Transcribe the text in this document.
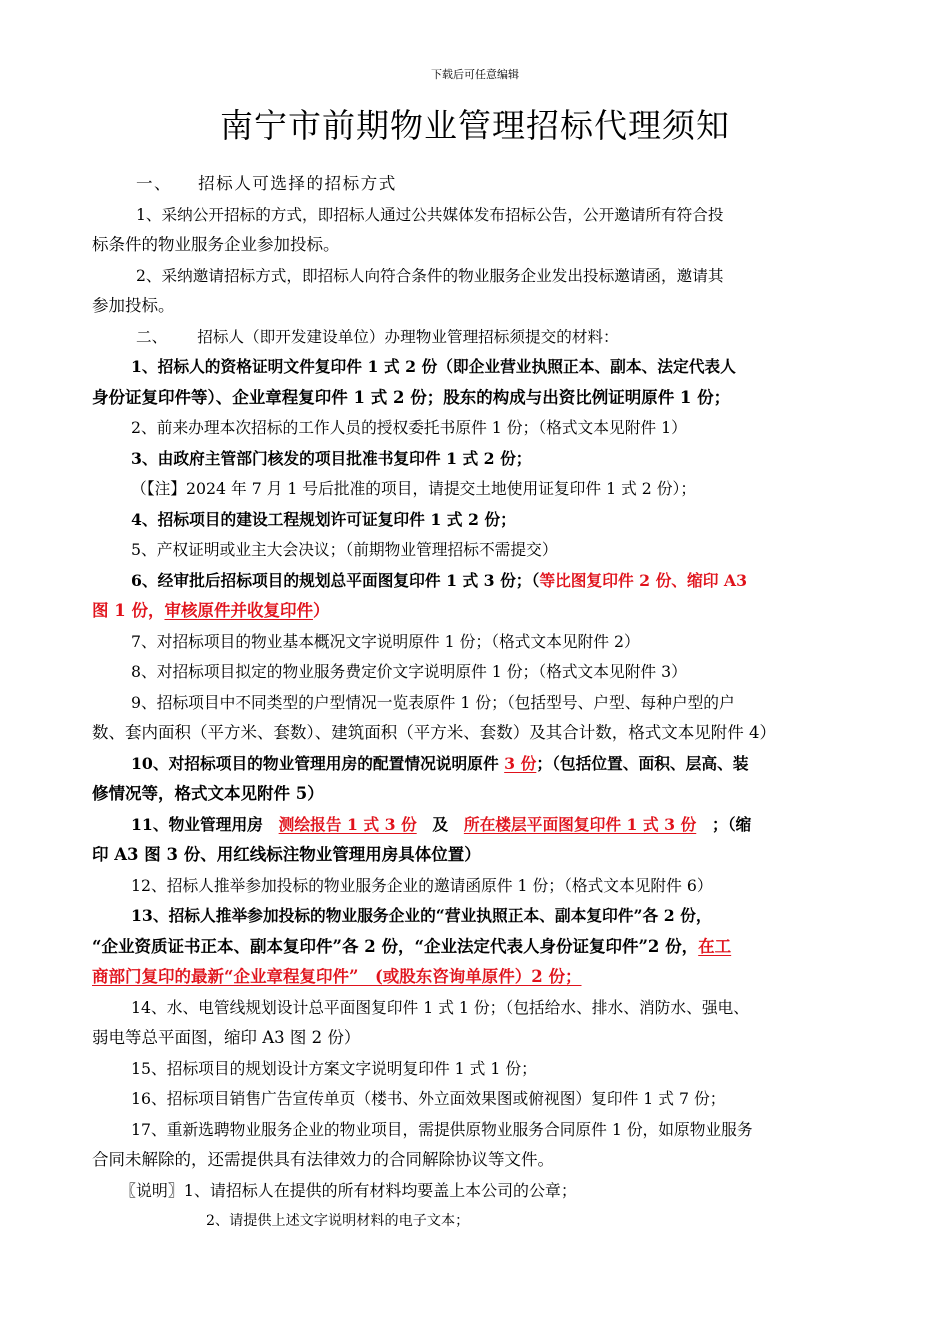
下载后可任意编辑
南宁市前期物业管理招标代理须知
一、 招标人可选择的招标方式
1、采纳公开招标的方式，即招标人通过公共媒体发布招标公告，公开邀请所有符合投
标条件的物业服务企业参加投标。
2、采纳邀请招标方式，即招标人向符合条件的物业服务企业发出投标邀请函，邀请其
参加投标。
二、 招标人（即开发建设单位）办理物业管理招标须提交的材料：
1、招标人的资格证明文件复印件 1 式 2 份（即企业营业执照正本、副本、法定代表人
身份证复印件等）、企业章程复印件 1 式 2 份；股东的构成与出资比例证明原件 1 份；
2、前来办理本次招标的工作人员的授权委托书原件 1 份；（格式文本见附件 1）
3、由政府主管部门核发的项目批准书复印件 1 式 2 份；
（【注】2024 年 7 月 1 号后批准的项目，请提交土地使用证复印件 1 式 2 份）；
4、招标项目的建设工程规划许可证复印件 1 式 2 份；
5、产权证明或业主大会决议；（前期物业管理招标不需提交）
6、经审批后招标项目的规划总平面图复印件 1 式 3 份；（等比图复印件 2 份、缩印 A3
图 1 份，审核原件并收复印件）
7、对招标项目的物业基本概况文字说明原件 1 份；（格式文本见附件 2）
8、对招标项目拟定的物业服务费定价文字说明原件 1 份；（格式文本见附件 3）
9、招标项目中不同类型的户型情况一览表原件 1 份；（包括型号、户型、每种户型的户
数、套内面积（平方米、套数）、建筑面积（平方米、套数）及其合计数，格式文本见附件 4）
10、对招标项目的物业管理用房的配置情况说明原件 3 份；（包括位置、面积、层高、装
修情况等，格式文本见附件 5）
11、物业管理用房　测绘报告 1 式 3 份　及　所在楼层平面图复印件 1 式 3 份　；（缩
印 A3 图 3 份、用红线标注物业管理用房具体位置）
12、招标人推举参加投标的物业服务企业的邀请函原件 1 份；（格式文本见附件 6）
13、招标人推举参加投标的物业服务企业的“营业执照正本、副本复印件”各 2 份，
“企业资质证书正本、副本复印件”各 2 份，“企业法定代表人身份证复印件”2 份，在工
商部门复印的最新“企业章程复印件”　(或股东咨询单原件）2 份；
14、水、电管线规划设计总平面图复印件 1 式 1 份；（包括给水、排水、消防水、强电、
弱电等总平面图，缩印 A3 图 2 份）
15、招标项目的规划设计方案文字说明复印件 1 式 1 份；
16、招标项目销售广告宣传单页（楼书、外立面效果图或俯视图）复印件 1 式 7 份；
17、重新选聘物业服务企业的物业项目，需提供原物业服务合同原件 1 份，如原物业服务
合同未解除的，还需提供具有法律效力的合同解除协议等文件。
〖说明〗1、请招标人在提供的所有材料均要盖上本公司的公章；
2、请提供上述文字说明材料的电子文本；
